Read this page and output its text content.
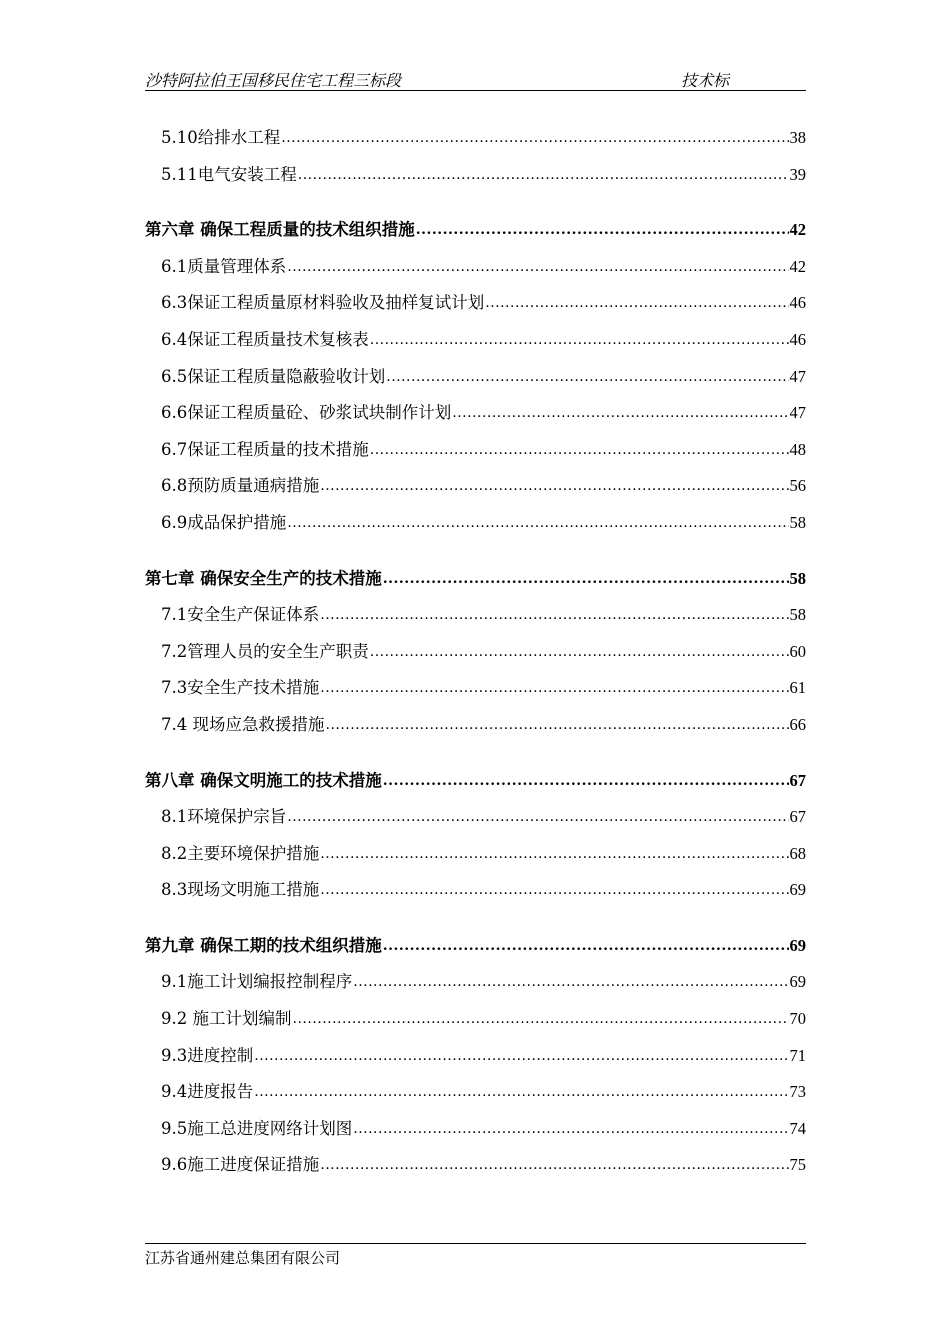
沙特阿拉伯王国移民住宅工程三标段	技术标
5.10给排水工程 .....	38
5.11电气安装工程 .....	39
第六章 确保工程质量的技术组织措施 .....	42
6.1质量管理体系 .....	42
6.3保证工程质量原材料验收及抽样复试计划 .....	46
6.4保证工程质量技术复核表 .....	46
6.5保证工程质量隐蔽验收计划 .....	47
6.6保证工程质量砼、砂浆试块制作计划 .....	47
6.7保证工程质量的技术措施 .....	48
6.8预防质量通病措施 .....	56
6.9成品保护措施 .....	58
第七章 确保安全生产的技术措施 .....	58
7.1安全生产保证体系 .....	58
7.2管理人员的安全生产职责 .....	60
7.3安全生产技术措施 .....	61
7.4 现场应急救援措施 .....	66
第八章 确保文明施工的技术措施 .....	67
8.1环境保护宗旨 .....	67
8.2主要环境保护措施 .....	68
8.3现场文明施工措施 .....	69
第九章 确保工期的技术组织措施 .....	69
9.1施工计划编报控制程序 .....	69
9.2 施工计划编制 .....	70
9.3进度控制 .....	71
9.4进度报告 .....	73
9.5施工总进度网络计划图 .....	74
9.6施工进度保证措施 .....	75
江苏省通州建总集团有限公司
